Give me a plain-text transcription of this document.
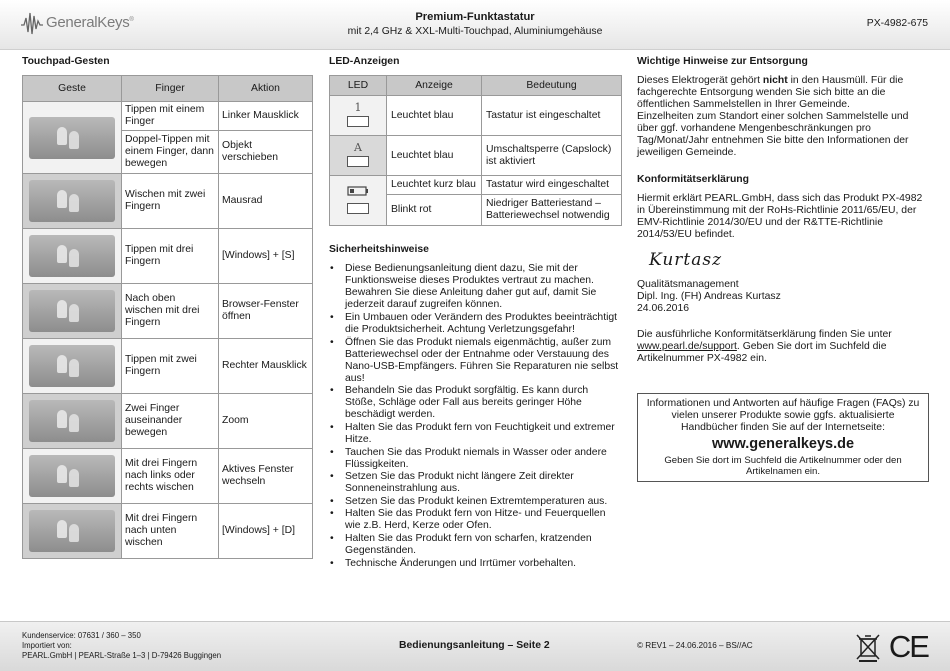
GeneralKeys®	Premium-Funktastatur
mit 2,4 GHz & XXL-Multi-Touchpad, Aluminiumgehäuse
PX-4982-675
Touchpad-Gesten
Geste	Finger	Aktion

	Tippen mit einem Finger	Linker Mausklick
	Doppel-Tippen mit einem Finger, dann bewegen	Objekt verschieben

	Wischen mit zwei Fingern	Mausrad

	Tippen mit drei Fingern	[Windows] + [S]

	Nach oben wischen mit drei Fingern	Browser-Fenster öffnen

	Tippen mit zwei Fingern	Rechter Mausklick

	Zwei Finger auseinander bewegen	Zoom

	Mit drei Fingern nach links oder rechts wischen	Aktives Fenster wechseln

	Mit drei Fingern nach unten wischen	[Windows] + [D]
LED-Anzeigen
LED	Anzeige	Bedeutung

1	Leuchtet blau	Tastatur ist eingeschaltet

A	Leuchtet blau	Umschaltsperre (Capslock) ist aktiviert

	Leuchtet kurz blau	Tastatur wird eingeschaltet
	Blinkt rot	Niedriger Batteriestand – Batteriewechsel notwendig
Sicherheitshinweise
• Diese Bedienungsanleitung dient dazu, Sie mit der Funktionsweise dieses Produktes vertraut zu machen. Bewahren Sie diese Anleitung daher gut auf, damit Sie jederzeit darauf zugreifen können.
• Ein Umbauen oder Verändern des Produktes beeinträchtigt die Produktsicherheit. Achtung Verletzungsgefahr!
• Öffnen Sie das Produkt niemals eigenmächtig, außer zum Batteriewechsel oder der Entnahme oder Verstauung des Nano-USB-Empfängers. Führen Sie Reparaturen nie selbst aus!
• Behandeln Sie das Produkt sorgfältig. Es kann durch Stöße, Schläge oder Fall aus bereits geringer Höhe beschädigt werden.
• Halten Sie das Produkt fern von Feuchtigkeit und extremer Hitze.
• Tauchen Sie das Produkt niemals in Wasser oder andere Flüssigkeiten.
• Setzen Sie das Produkt nicht längere Zeit direkter Sonneneinstrahlung aus.
• Setzen Sie das Produkt keinen Extremtemperaturen aus.
• Halten Sie das Produkt fern von Hitze- und Feuerquellen wie z.B. Herd, Kerze oder Ofen.
• Halten Sie das Produkt fern von scharfen, kratzenden Gegenständen.
• Technische Änderungen und Irrtümer vorbehalten.
Wichtige Hinweise zur Entsorgung
Dieses Elektrogerät gehört nicht in den Hausmüll. Für die fachgerechte Entsorgung wenden Sie sich bitte an die öffentlichen Sammelstellen in Ihrer Gemeinde.
Einzelheiten zum Standort einer solchen Sammelstelle und über ggf. vorhandene Mengenbeschränkungen pro Tag/Monat/Jahr entnehmen Sie bitte den Informationen der jeweiligen Gemeinde.
Konformitätserklärung
Hiermit erklärt PEARL.GmbH, dass sich das Produkt PX-4982 in Übereinstimmung mit der RoHs-Richtlinie 2011/65/EU, der EMV-Richtlinie 2014/30/EU und der R&TTE-Richtlinie 2014/53/EU befindet.
Kurtasz
Qualitätsmanagement
Dipl. Ing. (FH) Andreas Kurtasz
24.06.2016
Die ausführliche Konformitätserklärung finden Sie unter www.pearl.de/support. Geben Sie dort im Suchfeld die Artikelnummer PX-4982 ein.
Informationen und Antworten auf häufige Fragen (FAQs) zu vielen unserer Produkte sowie ggfs. aktualisierte Handbücher finden Sie auf der Internetseite:
www.generalkeys.de
Geben Sie dort im Suchfeld die Artikelnummer oder den Artikelnamen ein.
Kundenservice: 07631 / 360 – 350
Importiert von:
PEARL.GmbH | PEARL-Straße 1–3 | D-79426 Buggingen
Bedienungsanleitung – Seite 2	© REV1 – 24.06.2016 – BS//AC	CE
